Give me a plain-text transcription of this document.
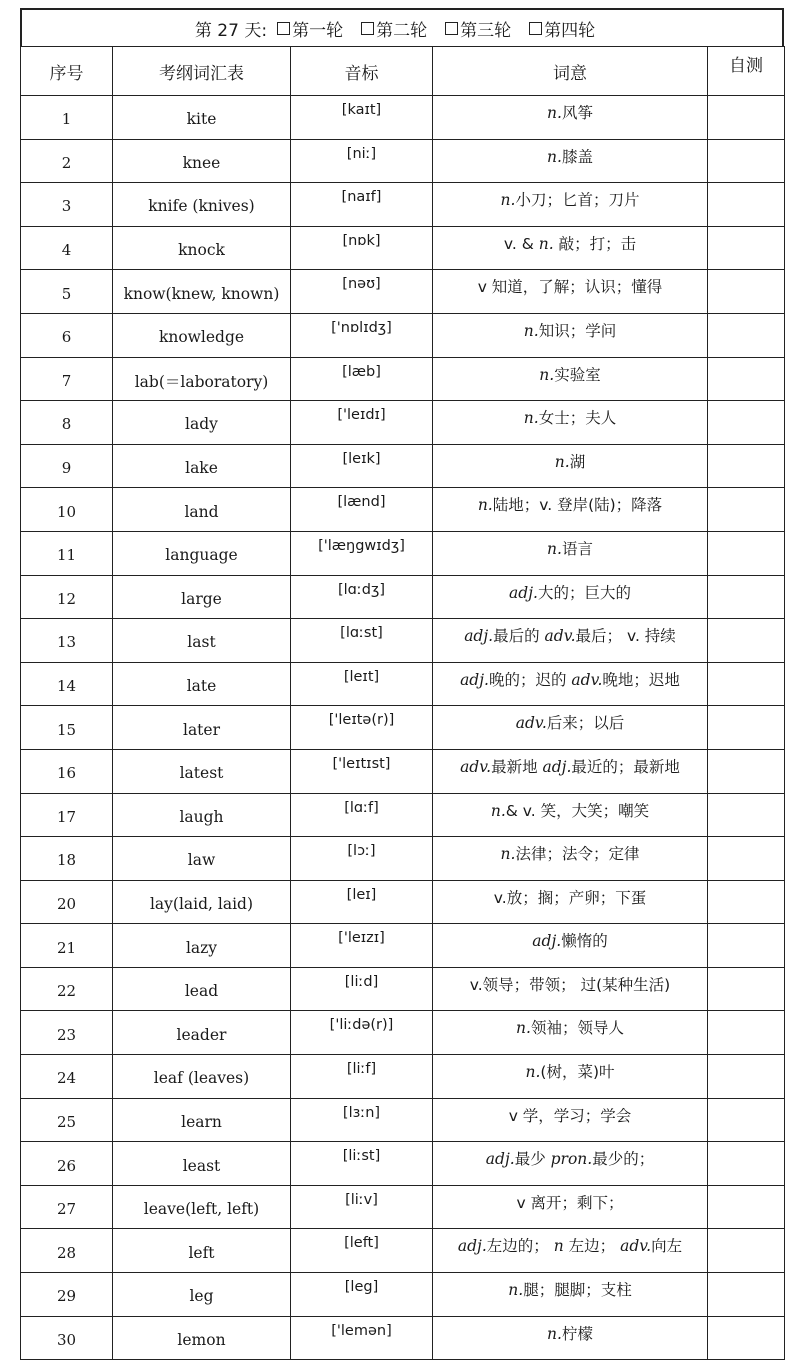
第 27 天: 第一轮 第二轮 第三轮 第四轮
序号	考纲词汇表	音标	词意	自测
1	kite	[kaɪt]	n.风筝	
2	knee	[niː]	n.膝盖	
3	knife (knives)	[naɪf]	n.小刀；匕首；刀片	
4	knock	[nɒk]	v. & n. 敲；打；击	
5	know(knew, known)	[nəʊ]	v 知道，了解；认识；懂得	
6	knowledge	['nɒlɪdʒ]	n.知识；学问	
7	lab(＝laboratory)	[læb]	n.实验室	
8	lady	['leɪdɪ]	n.女士；夫人	
9	lake	[leɪk]	n.湖	
10	land	[lænd]	n.陆地；v. 登岸(陆)；降落	
11	language	['læŋgwɪdʒ]	n.语言	
12	large	[lɑːdʒ]	adj.大的；巨大的	
13	last	[lɑːst]	adj.最后的 adv.最后； v. 持续	
14	late	[leɪt]	adj.晚的；迟的 adv.晚地；迟地	
15	later	['leɪtə(r)]	adv.后来；以后	
16	latest	['leɪtɪst]	adv.最新地 adj.最近的；最新地	
17	laugh	[lɑːf]	n.& v. 笑，大笑；嘲笑	
18	law	[lɔː]	n.法律；法令；定律	
20	lay(laid, laid)	[leɪ]	v.放；搁；产卵；下蛋	
21	lazy	['leɪzɪ]	adj.懒惰的	
22	lead	[liːd]	v.领导；带领； 过(某种生活)	
23	leader	['liːdə(r)]	n.领袖；领导人	
24	leaf (leaves)	[liːf]	n.(树，菜)叶	
25	learn	[lɜːn]	v 学，学习；学会	
26	least	[liːst]	adj.最少 pron.最少的；	
27	leave(left, left)	[liːv]	v 离开；剩下；	
28	left	[left]	adj.左边的； n 左边； adv.向左	
29	leg	[leg]	n.腿；腿脚；支柱	
30	lemon	['lemən]	n.柠檬	
